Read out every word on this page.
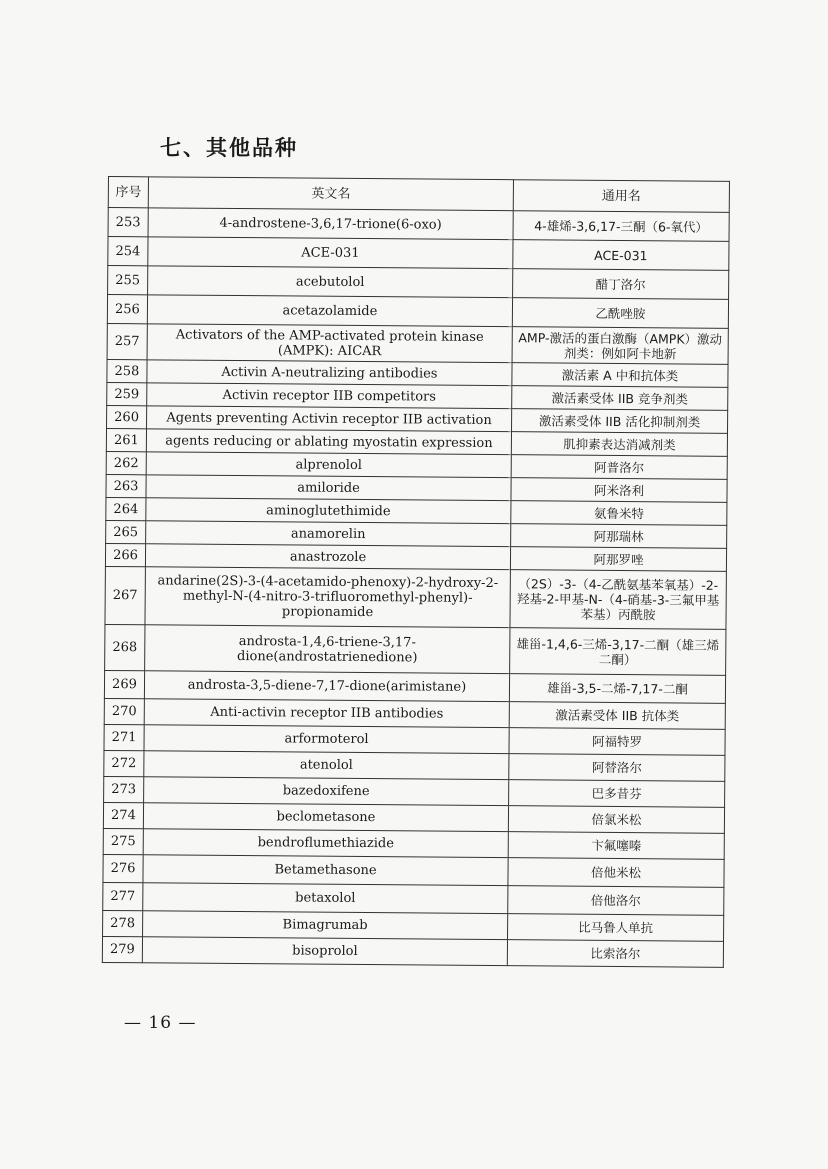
七、其他品种
序号	英文名	通用名
253	4-androstene-3,6,17-trione(6-oxo)	4-雄烯-3,6,17-三酮（6-氧代）
254	ACE-031	ACE-031
255	acebutolol	醋丁洛尔
256	acetazolamide	乙酰唑胺
257	Activators of the AMP-activated protein kinase (AMPK): AICAR	AMP-激活的蛋白激酶（AMPK）激动剂类：例如阿卡地新
258	Activin A-neutralizing antibodies	激活素 A 中和抗体类
259	Activin receptor IIB competitors	激活素受体 IIB 竞争剂类
260	Agents preventing Activin receptor IIB activation	激活素受体 IIB 活化抑制剂类
261	agents reducing or ablating myostatin expression	肌抑素表达消减剂类
262	alprenolol	阿普洛尔
263	amiloride	阿米洛利
264	aminoglutethimide	氨鲁米特
265	anamorelin	阿那瑞林
266	anastrozole	阿那罗唑
267	andarine(2S)-3-(4-acetamido-phenoxy)-2-hydroxy-2-methyl-N-(4-nitro-3-trifluoromethyl-phenyl)-propionamide	（2S）-3-（4-乙酰氨基苯氧基）-2-羟基-2-甲基-N-（4-硝基-3-三氟甲基苯基）丙酰胺
268	androsta-1,4,6-triene-3,17-dione(androstatrienedione)	雄甾-1,4,6-三烯-3,17-二酮（雄三烯二酮）
269	androsta-3,5-diene-7,17-dione(arimistane)	雄甾-3,5-二烯-7,17-二酮
270	Anti-activin receptor IIB antibodies	激活素受体 IIB 抗体类
271	arformoterol	阿福特罗
272	atenolol	阿替洛尔
273	bazedoxifene	巴多昔芬
274	beclometasone	倍氯米松
275	bendroflumethiazide	卞氟噻嗪
276	Betamethasone	倍他米松
277	betaxolol	倍他洛尔
278	Bimagrumab	比马鲁人单抗
279	bisoprolol	比索洛尔
— 16 —
